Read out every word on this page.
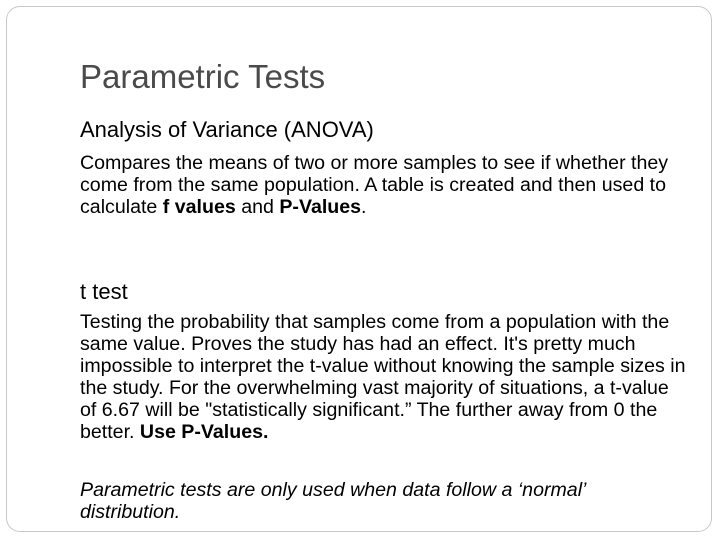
Parametric Tests
Analysis of Variance (ANOVA)

Compares the means of two or more samples to see if whether they come from the same population. A table is created and then used to calculate f values and P-Values.

t test

Testing the probability that samples come from a population with the same value. Proves the study has had an effect. It's pretty much impossible to interpret the t-value without knowing the sample sizes in the study. For the overwhelming vast majority of situations, a t-value of 6.67 will be "statistically significant.” The further away from 0 the better. Use P-Values.

Parametric tests are only used when data follow a ‘normal’ distribution.
